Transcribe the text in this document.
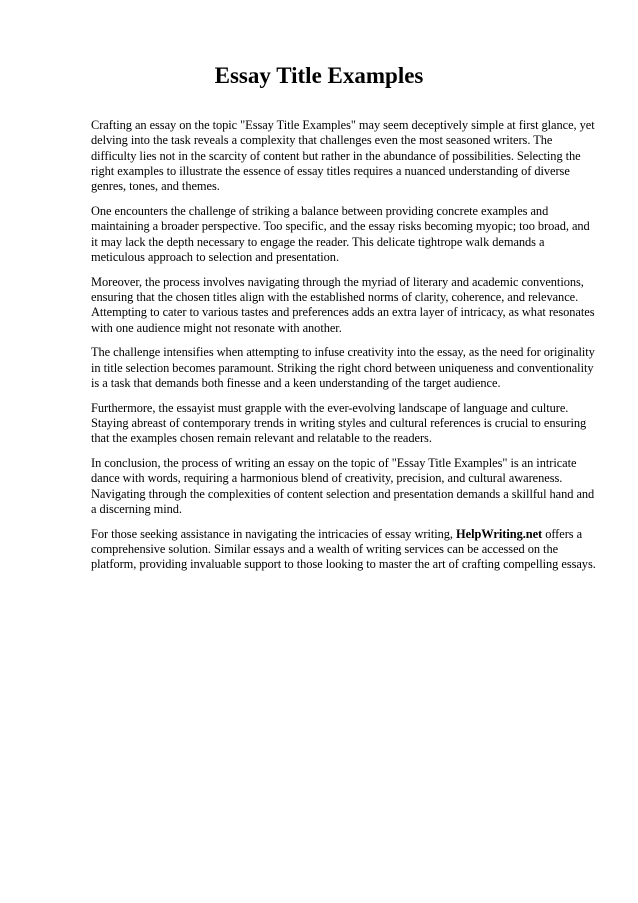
Essay Title Examples

Crafting an essay on the topic "Essay Title Examples" may seem deceptively simple at first glance, yet delving into the task reveals a complexity that challenges even the most seasoned writers. The difficulty lies not in the scarcity of content but rather in the abundance of possibilities. Selecting the right examples to illustrate the essence of essay titles requires a nuanced understanding of diverse genres, tones, and themes.

One encounters the challenge of striking a balance between providing concrete examples and maintaining a broader perspective. Too specific, and the essay risks becoming myopic; too broad, and it may lack the depth necessary to engage the reader. This delicate tightrope walk demands a meticulous approach to selection and presentation.

Moreover, the process involves navigating through the myriad of literary and academic conventions, ensuring that the chosen titles align with the established norms of clarity, coherence, and relevance. Attempting to cater to various tastes and preferences adds an extra layer of intricacy, as what resonates with one audience might not resonate with another.

The challenge intensifies when attempting to infuse creativity into the essay, as the need for originality in title selection becomes paramount. Striking the right chord between uniqueness and conventionality is a task that demands both finesse and a keen understanding of the target audience.

Furthermore, the essayist must grapple with the ever-evolving landscape of language and culture. Staying abreast of contemporary trends in writing styles and cultural references is crucial to ensuring that the examples chosen remain relevant and relatable to the readers.

In conclusion, the process of writing an essay on the topic of "Essay Title Examples" is an intricate dance with words, requiring a harmonious blend of creativity, precision, and cultural awareness. Navigating through the complexities of content selection and presentation demands a skillful hand and a discerning mind.

For those seeking assistance in navigating the intricacies of essay writing, HelpWriting.net offers a comprehensive solution. Similar essays and a wealth of writing services can be accessed on the platform, providing invaluable support to those looking to master the art of crafting compelling essays.
